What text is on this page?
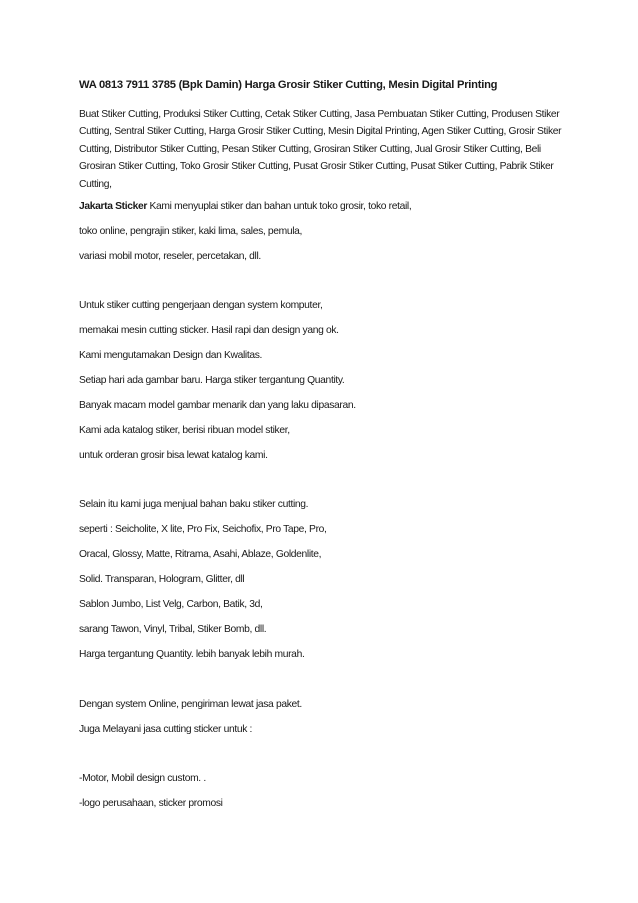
WA 0813 7911 3785 (Bpk Damin) Harga Grosir Stiker Cutting, Mesin Digital Printing
Buat Stiker Cutting, Produksi Stiker Cutting, Cetak Stiker Cutting, Jasa Pembuatan Stiker Cutting, Produsen Stiker Cutting, Sentral Stiker Cutting, Harga Grosir Stiker Cutting, Mesin Digital Printing, Agen Stiker Cutting, Grosir Stiker Cutting, Distributor Stiker Cutting, Pesan Stiker Cutting, Grosiran Stiker Cutting, Jual Grosir Stiker Cutting, Beli Grosiran Stiker Cutting, Toko Grosir Stiker Cutting, Pusat Grosir Stiker Cutting, Pusat Stiker Cutting, Pabrik Stiker Cutting,
Jakarta Sticker Kami menyuplai stiker dan bahan untuk toko grosir, toko retail,
toko online, pengrajin stiker, kaki lima, sales, pemula,
variasi mobil motor, reseler, percetakan, dll.
Untuk stiker cutting pengerjaan dengan system komputer,
memakai mesin cutting sticker. Hasil rapi dan design yang ok.
Kami mengutamakan Design dan Kwalitas.
Setiap hari ada gambar baru. Harga stiker tergantung Quantity.
Banyak macam model gambar menarik dan yang laku dipasaran.
Kami ada katalog stiker, berisi ribuan model stiker,
untuk orderan grosir bisa lewat katalog kami.
Selain itu kami juga menjual bahan baku stiker cutting.
seperti : Seicholite, X lite, Pro Fix, Seichofix, Pro Tape, Pro,
Oracal, Glossy, Matte, Ritrama, Asahi, Ablaze, Goldenlite,
Solid. Transparan, Hologram, Glitter, dll
Sablon Jumbo, List Velg, Carbon, Batik, 3d,
sarang Tawon, Vinyl, Tribal, Stiker Bomb, dll.
Harga tergantung Quantity. lebih banyak lebih murah.
Dengan system Online, pengiriman lewat jasa paket.
Juga Melayani jasa cutting sticker untuk :
-Motor, Mobil design custom. .
-logo perusahaan, sticker promosi
